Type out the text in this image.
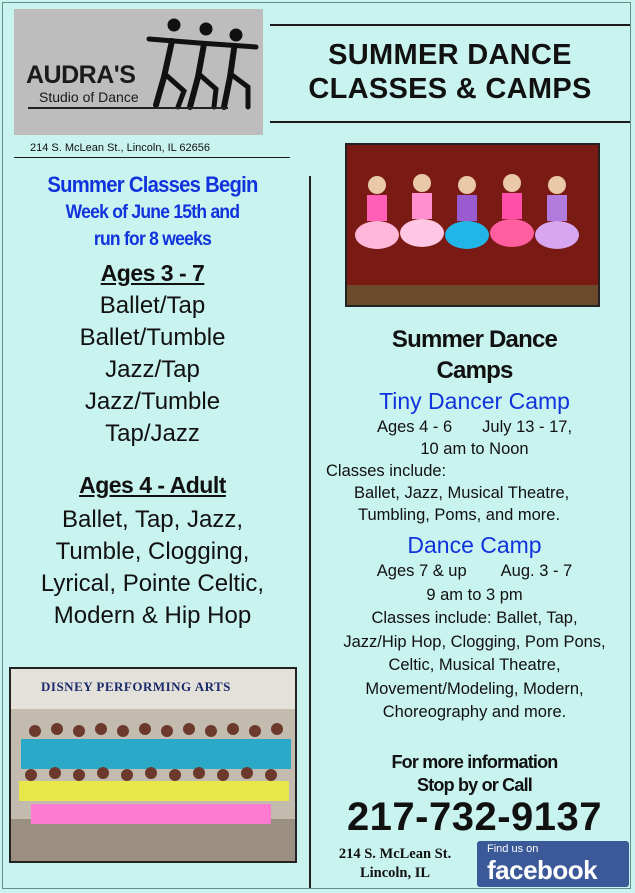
AUDRA'S
Studio of Dance
SUMMER DANCE
CLASSES & CAMPS
214 S. McLean St., Lincoln, IL 62656
Summer Classes Begin
Week of June 15th and
run for 8 weeks
Ages 3 - 7
Ballet/Tap
Ballet/Tumble
Jazz/Tap
Jazz/Tumble
Tap/Jazz
Ages 4 - Adult
Ballet, Tap, Jazz,
Tumble, Clogging,
Lyrical, Pointe Celtic,
Modern & Hip Hop
DISNEY PERFORMING ARTS
Summer Dance
Camps
Tiny Dancer Camp
Ages 4 - 6 July 13 - 17,
10 am to Noon
Classes include:
Ballet, Jazz, Musical Theatre,
Tumbling, Poms, and more.
Dance Camp
Ages 7 & up Aug. 3 - 7
9 am to 3 pm
Classes include: Ballet, Tap,
Jazz/Hip Hop, Clogging, Pom Pons,
Celtic, Musical Theatre,
Movement/Modeling, Modern,
Choreography and more.
For more information
Stop by or Call
217-732-9137
214 S. McLean St.
Lincoln, IL
Find us on
facebook
